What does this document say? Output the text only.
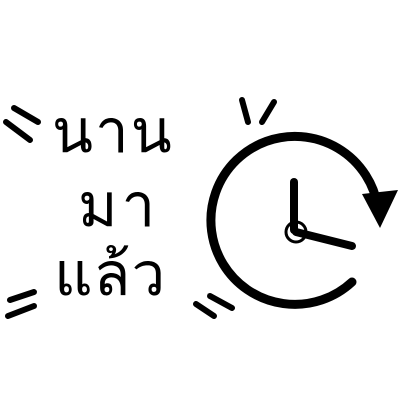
นาน
มา
แล้ว
